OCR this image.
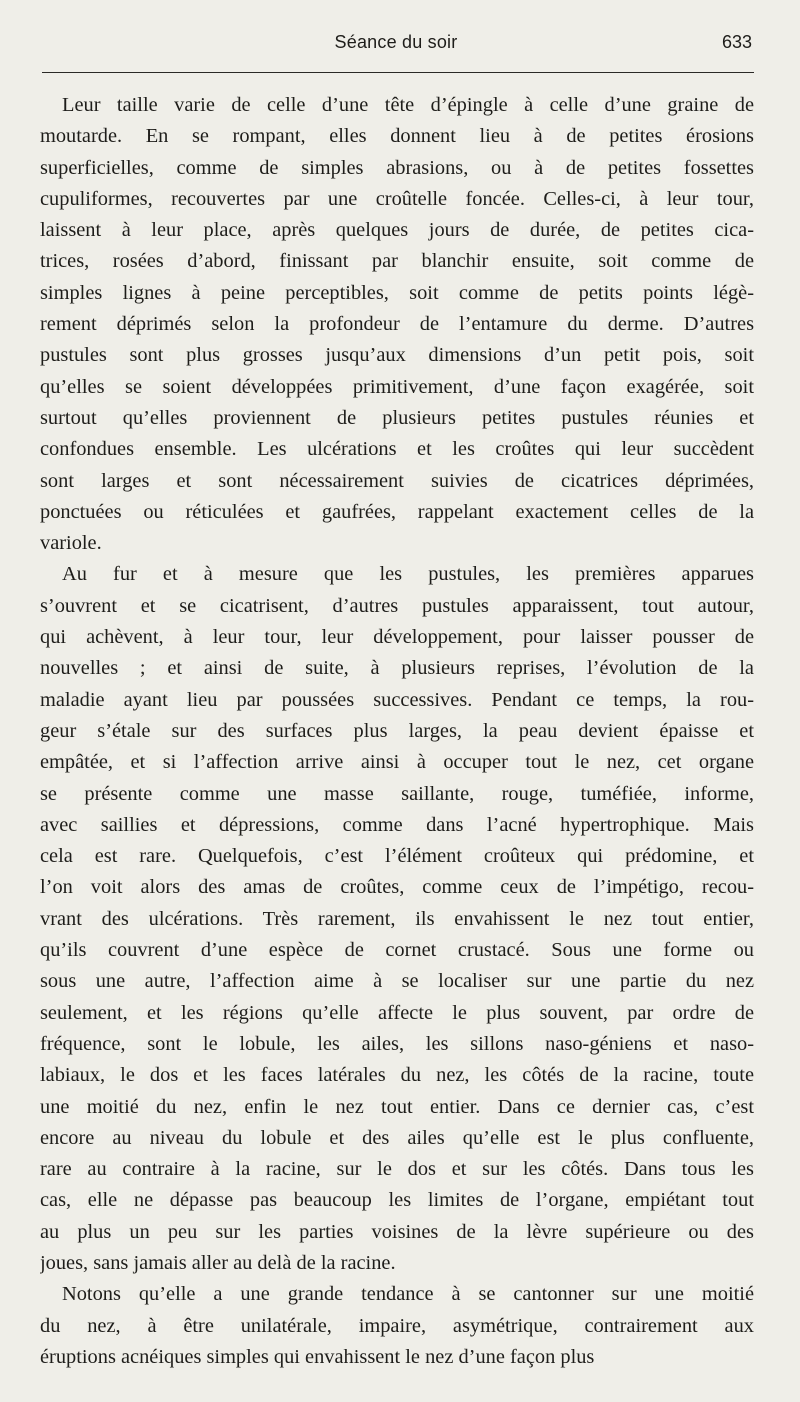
Séance du soir	633
Leur taille varie de celle d’une tête d’épingle à celle d’une graine de
moutarde. En se rompant, elles donnent lieu à de petites érosions
superficielles, comme de simples abrasions, ou à de petites fossettes
cupuliformes, recouvertes par une croûtelle foncée. Celles-ci, à leur tour,
laissent à leur place, après quelques jours de durée, de petites cica-
trices, rosées d’abord, finissant par blanchir ensuite, soit comme de
simples lignes à peine perceptibles, soit comme de petits points légè-
rement déprimés selon la profondeur de l’entamure du derme. D’autres
pustules sont plus grosses jusqu’aux dimensions d’un petit pois, soit
qu’elles se soient développées primitivement, d’une façon exagérée, soit
surtout qu’elles proviennent de plusieurs petites pustules réunies et
confondues ensemble. Les ulcérations et les croûtes qui leur succèdent
sont larges et sont nécessairement suivies de cicatrices déprimées,
ponctuées ou réticulées et gaufrées, rappelant exactement celles de la
variole.
Au fur et à mesure que les pustules, les premières apparues
s’ouvrent et se cicatrisent, d’autres pustules apparaissent, tout autour,
qui achèvent, à leur tour, leur développement, pour laisser pousser de
nouvelles ; et ainsi de suite, à plusieurs reprises, l’évolution de la
maladie ayant lieu par poussées successives. Pendant ce temps, la rou-
geur s’étale sur des surfaces plus larges, la peau devient épaisse et
empâtée, et si l’affection arrive ainsi à occuper tout le nez, cet organe
se présente comme une masse saillante, rouge, tuméfiée, informe,
avec saillies et dépressions, comme dans l’acné hypertrophique. Mais
cela est rare. Quelquefois, c’est l’élément croûteux qui prédomine, et
l’on voit alors des amas de croûtes, comme ceux de l’impétigo, recou-
vrant des ulcérations. Très rarement, ils envahissent le nez tout entier,
qu’ils couvrent d’une espèce de cornet crustacé. Sous une forme ou
sous une autre, l’affection aime à se localiser sur une partie du nez
seulement, et les régions qu’elle affecte le plus souvent, par ordre de
fréquence, sont le lobule, les ailes, les sillons naso-géniens et naso-
labiaux, le dos et les faces latérales du nez, les côtés de la racine, toute
une moitié du nez, enfin le nez tout entier. Dans ce dernier cas, c’est
encore au niveau du lobule et des ailes qu’elle est le plus confluente,
rare au contraire à la racine, sur le dos et sur les côtés. Dans tous les
cas, elle ne dépasse pas beaucoup les limites de l’organe, empiétant tout
au plus un peu sur les parties voisines de la lèvre supérieure ou des
joues, sans jamais aller au delà de la racine.
Notons qu’elle a une grande tendance à se cantonner sur une moitié
du nez, à être unilatérale, impaire, asymétrique, contrairement aux
éruptions acnéiques simples qui envahissent le nez d’une façon plus
